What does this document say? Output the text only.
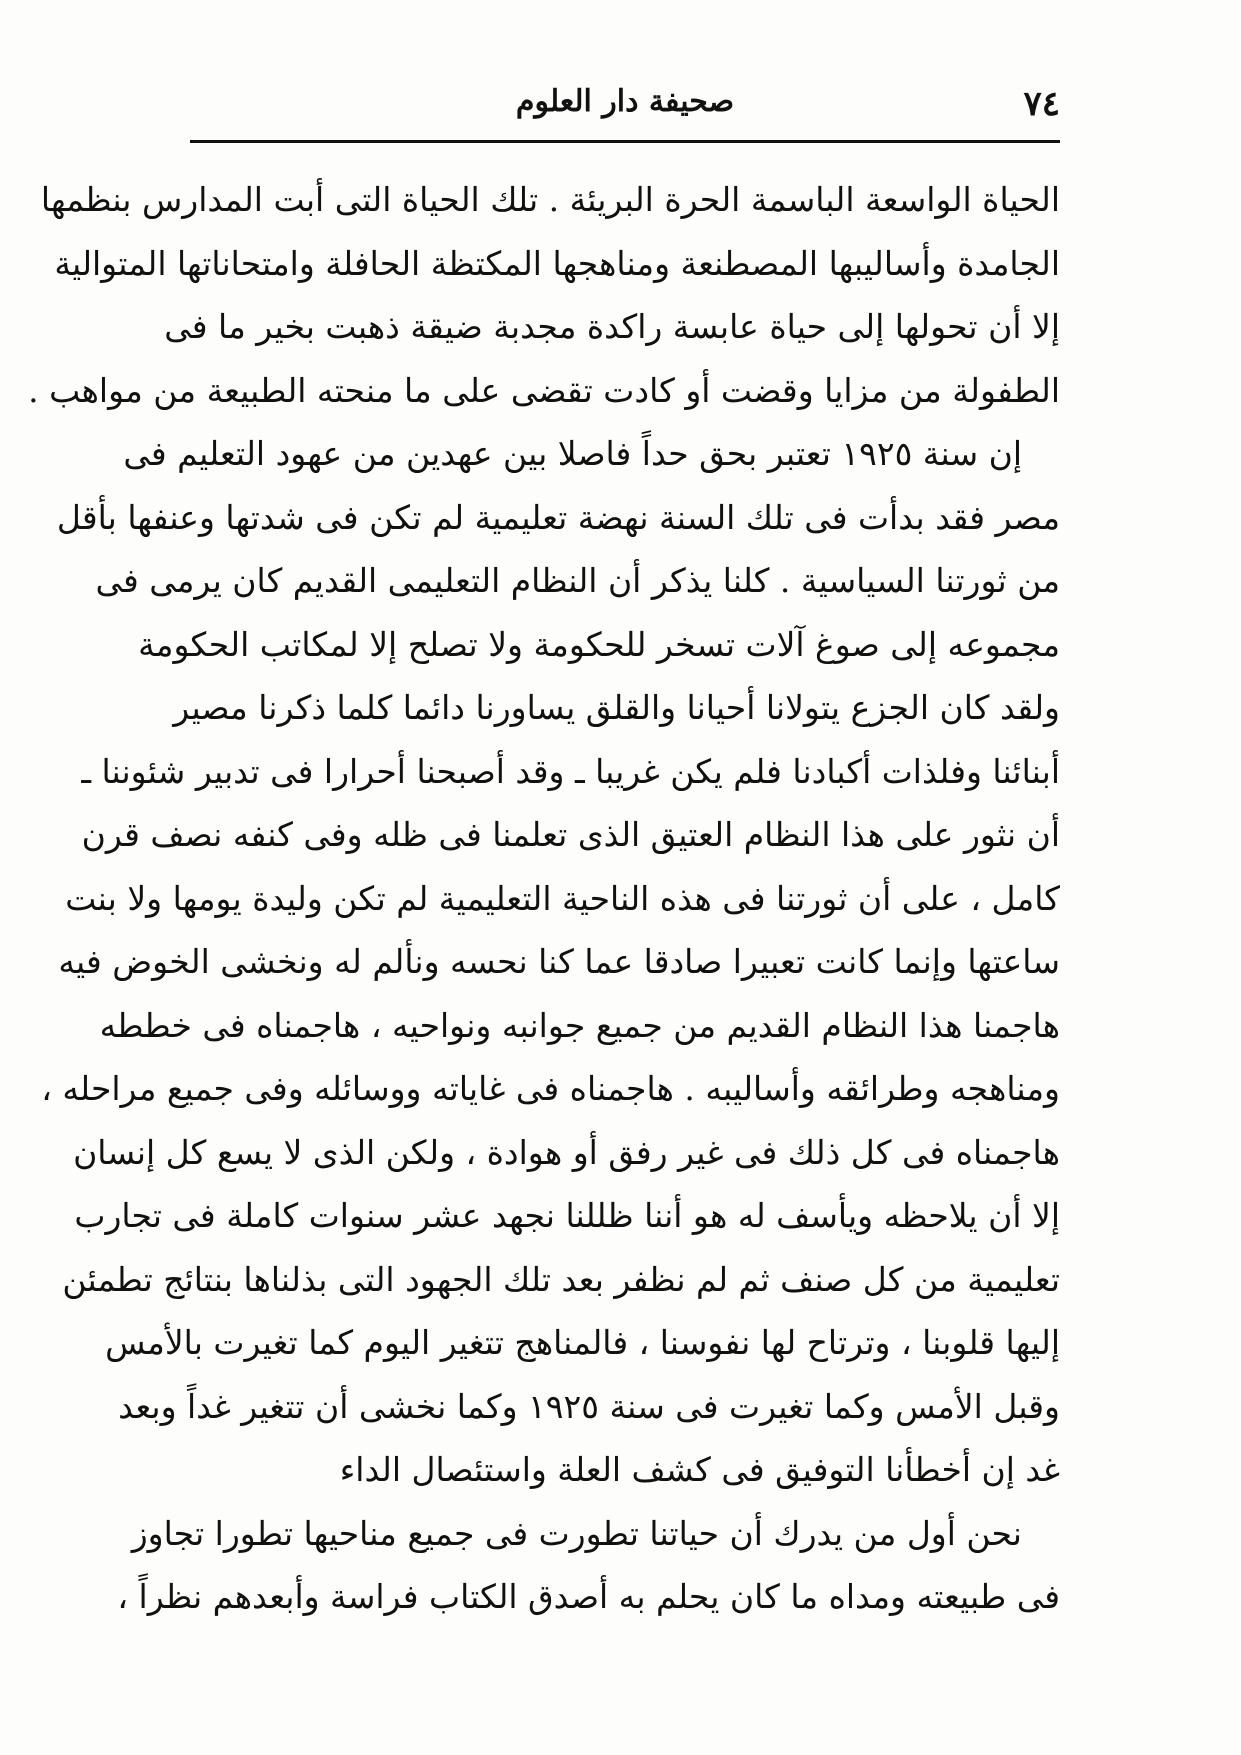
٧٤
صحيفة دار العلوم
الحياة الواسعة الباسمة الحرة البريئة . تلك الحياة التى أبت المدارس بنظمها
الجامدة وأساليبها المصطنعة ومناهجها المكتظة الحافلة وامتحاناتها المتوالية
إلا أن تحولها إلى حياة عابسة راكدة مجدبة ضيقة ذهبت بخير ما فى
الطفولة من مزايا وقضت أو كادت تقضى على ما منحته الطبيعة من مواهب .
إن سنة ١٩٢٥ تعتبر بحق حداً فاصلا بين عهدين من عهود التعليم فى
مصر فقد بدأت فى تلك السنة نهضة تعليمية لم تكن فى شدتها وعنفها بأقل
من ثورتنا السياسية . كلنا يذكر أن النظام التعليمى القديم كان يرمى فى
مجموعه إلى صوغ آلات تسخر للحكومة ولا تصلح إلا لمكاتب الحكومة
ولقد كان الجزع يتولانا أحيانا والقلق يساورنا دائما كلما ذكرنا مصير
أبنائنا وفلذات أكبادنا فلم يكن غريبا ـ وقد أصبحنا أحرارا فى تدبير شئوننا ـ
أن نثور على هذا النظام العتيق الذى تعلمنا فى ظله وفى كنفه نصف قرن
كامل ، على أن ثورتنا فى هذه الناحية التعليمية لم تكن وليدة يومها ولا بنت
ساعتها وإنما كانت تعبيرا صادقا عما كنا نحسه ونألم له ونخشى الخوض فيه
هاجمنا هذا النظام القديم من جميع جوانبه ونواحيه ، هاجمناه فى خططه
ومناهجه وطرائقه وأساليبه . هاجمناه فى غاياته ووسائله وفى جميع مراحله ،
هاجمناه فى كل ذلك فى غير رفق أو هوادة ، ولكن الذى لا يسع كل إنسان
إلا أن يلاحظه ويأسف له هو أننا ظللنا نجهد عشر سنوات كاملة فى تجارب
تعليمية من كل صنف ثم لم نظفر بعد تلك الجهود التى بذلناها بنتائج تطمئن
إليها قلوبنا ، وترتاح لها نفوسنا ، فالمناهج تتغير اليوم كما تغيرت بالأمس
وقبل الأمس وكما تغيرت فى سنة ١٩٢٥ وكما نخشى أن تتغير غداً وبعد
غد إن أخطأنا التوفيق فى كشف العلة واستئصال الداء
نحن أول من يدرك أن حياتنا تطورت فى جميع مناحيها تطورا تجاوز
فى طبيعته ومداه ما كان يحلم به أصدق الكتاب فراسة وأبعدهم نظراً ،
